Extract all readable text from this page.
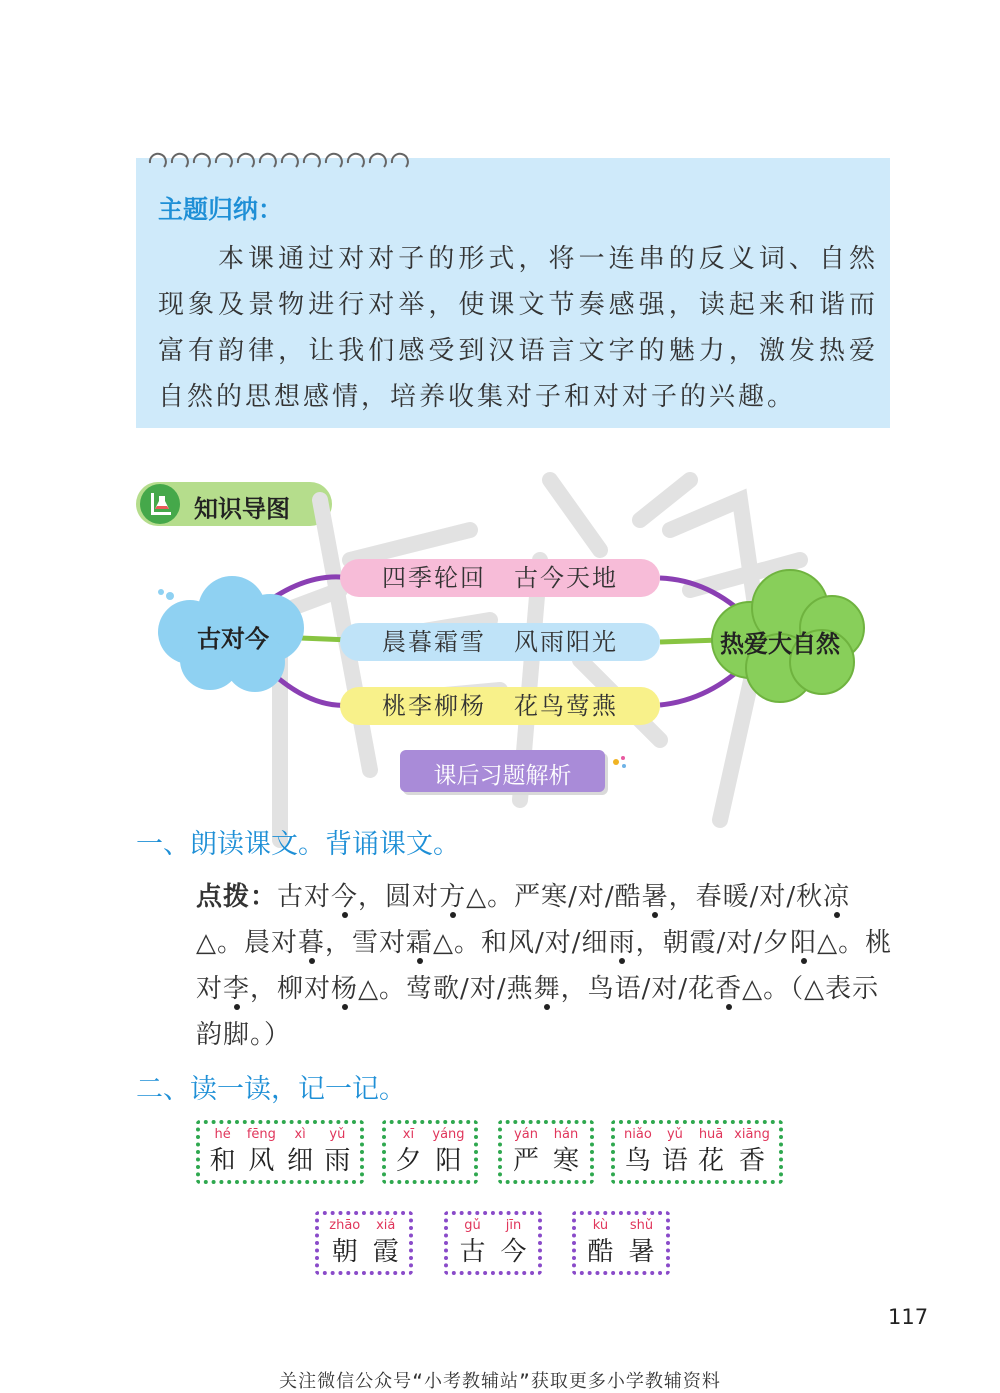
主题归纳：
本课通过对对子的形式，将一连串的反义词、自然现象及景物进行对举，使课文节奏感强，读起来和谐而富有韵律，让我们感受到汉语言文字的魅力，激发热爱自然的思想感情，培养收集对子和对对子的兴趣。
知识导图
古对今	热爱大自然
四季轮回 古今天地
晨暮霜雪 风雨阳光
桃李柳杨 花鸟莺燕
课后习题解析
一、朗读课文。背诵课文。
点拨：古对今，圆对方△。严寒/对/酷暑，春暖/对/秋凉△。晨对暮，雪对霜△。和风/对/细雨，朝霞/对/夕阳△。桃对李，柳对杨△。莺歌/对/燕舞，鸟语/对/花香△。（△表示韵脚。）
二、读一读，记一记。
hé
和
fēng
风
xì
细
yǔ
雨
xī
夕
yáng
阳
yán
严
hán
寒
niǎo
鸟
yǔ
语
huā
花
xiāng
香
zhāo
朝
xiá
霞
gǔ
古
jīn
今
kù
酷
shǔ
暑
117
关注微信公众号“小考教辅站”获取更多小学教辅资料
